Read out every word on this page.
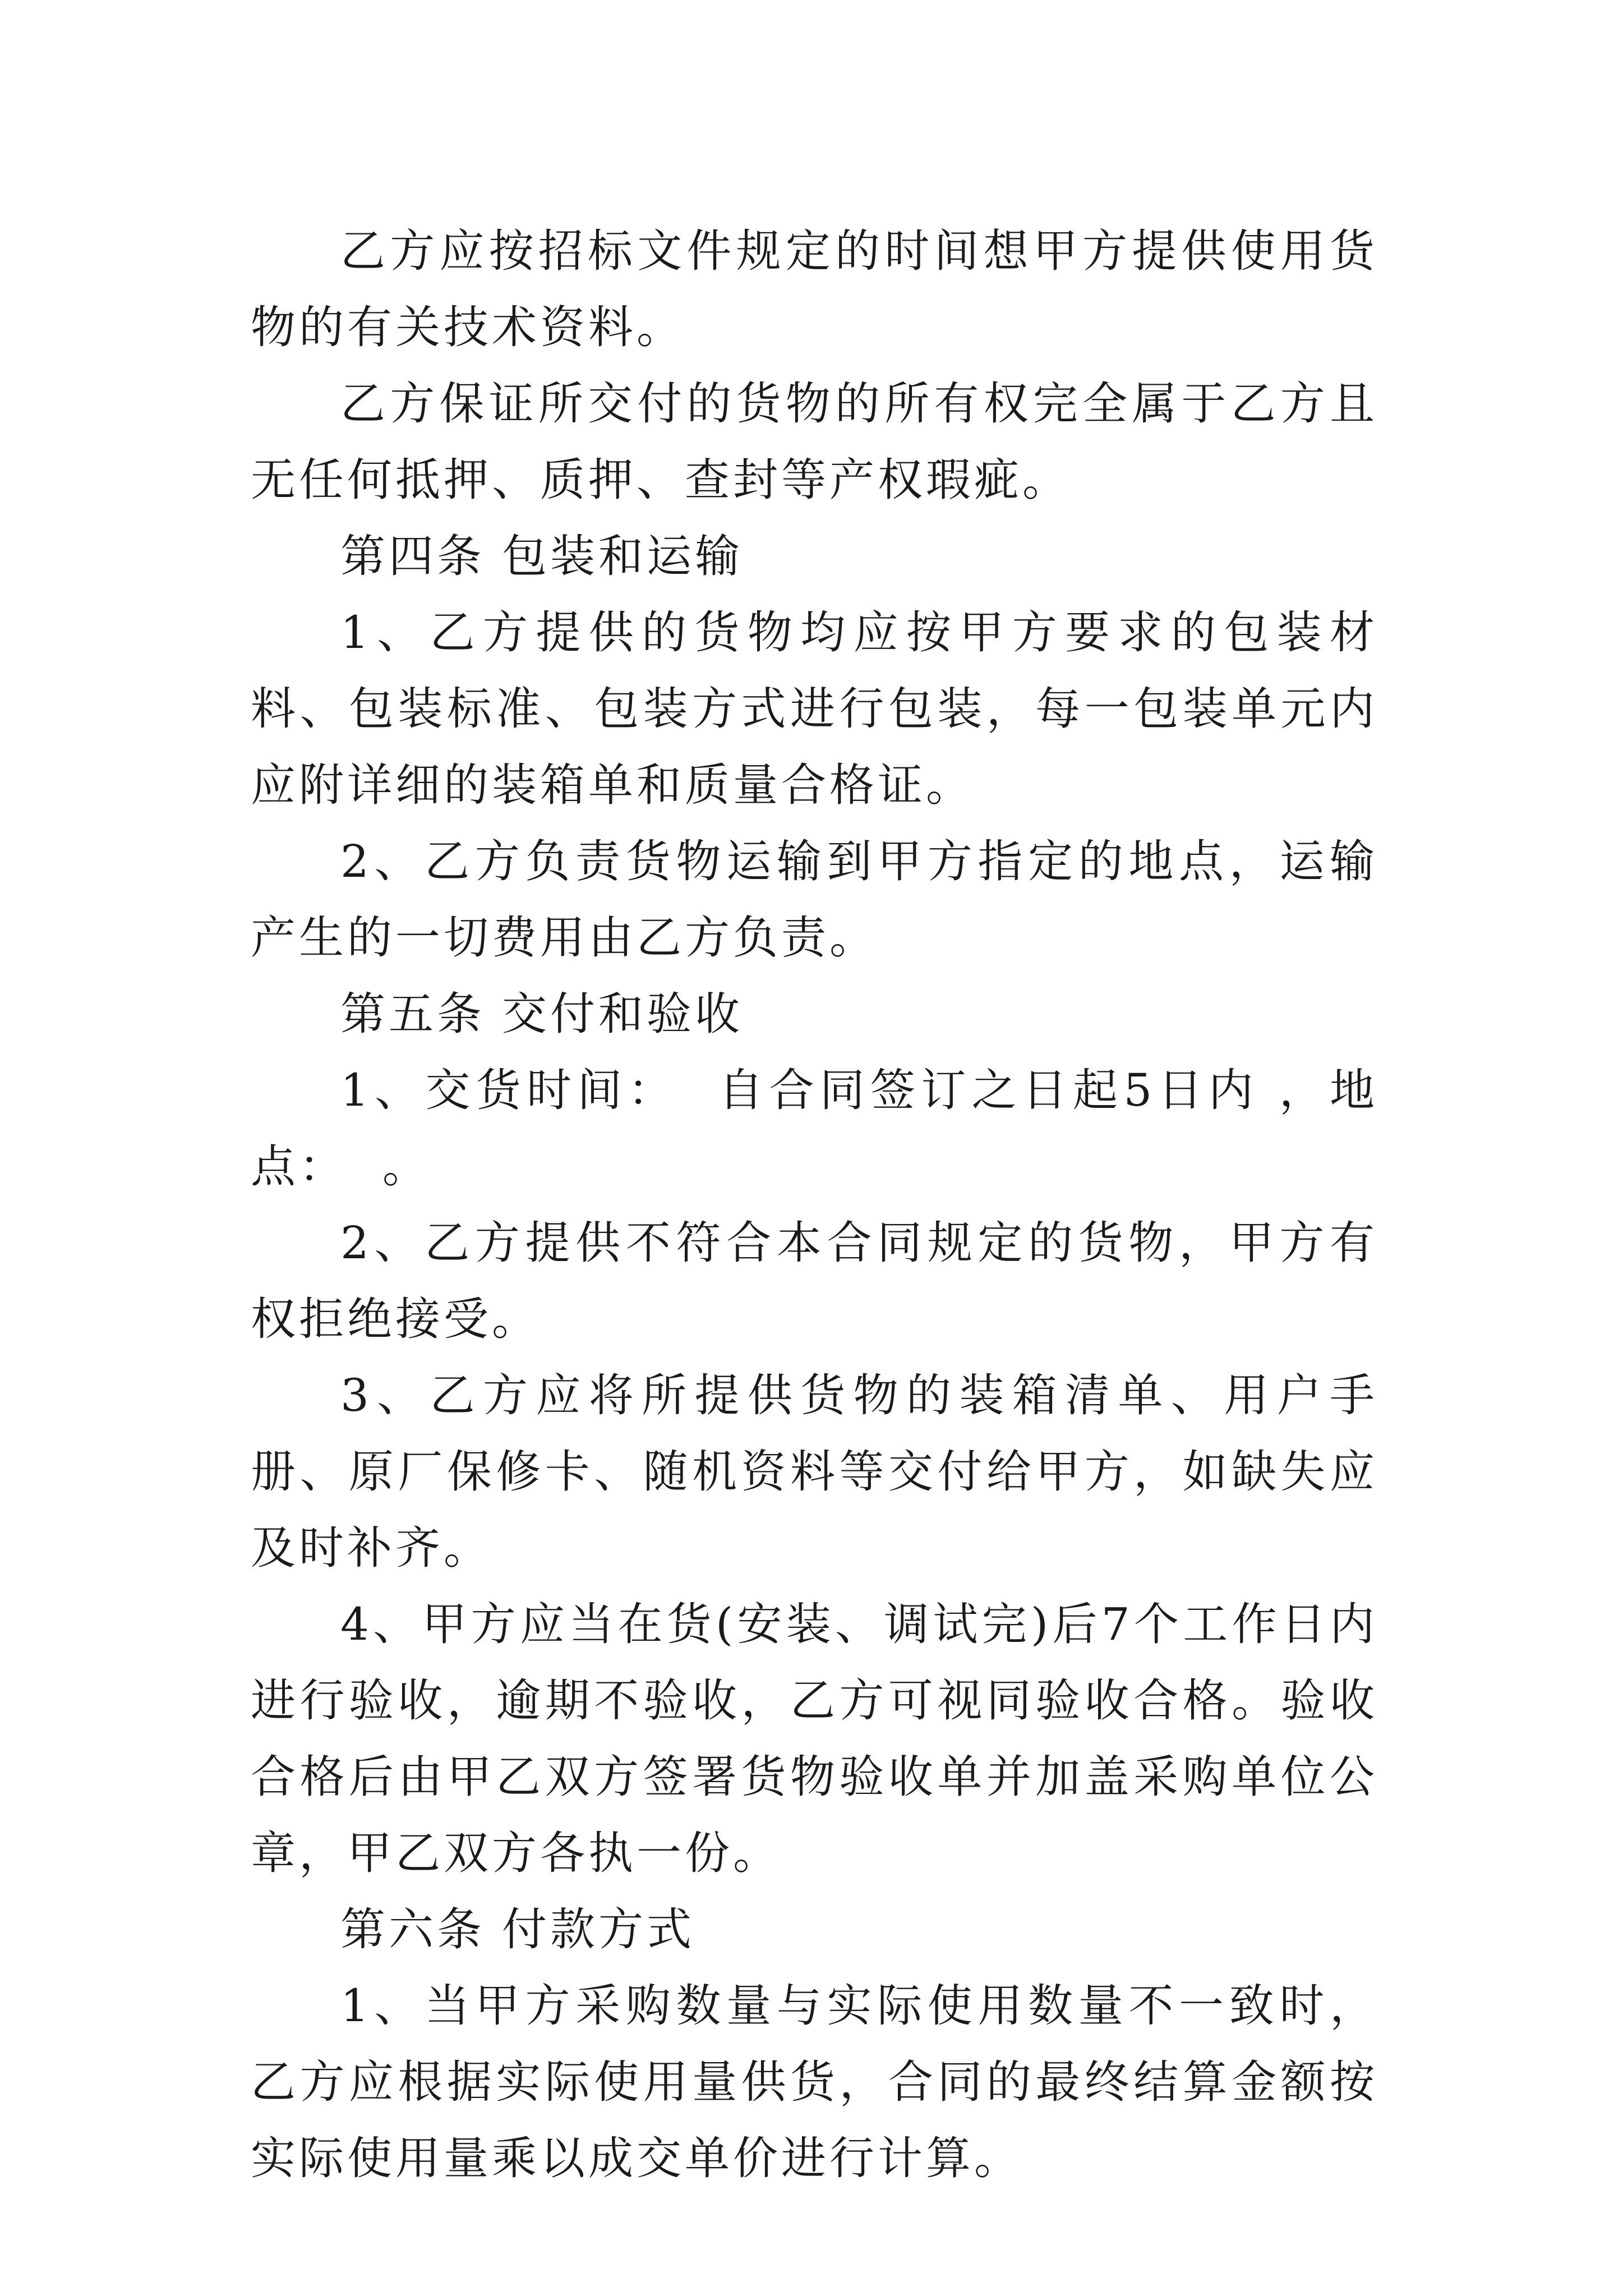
乙方应按招标文件规定的时间想甲方提供使用货物的有关技术资料。

乙方保证所交付的货物的所有权完全属于乙方且无任何抵押、质押、查封等产权瑕疵。

第四条 包装和运输

1、乙方提供的货物均应按甲方要求的包装材料、包装标准、包装方式进行包装，每一包装单元内应附详细的装箱单和质量合格证。

2、乙方负责货物运输到甲方指定的地点，运输产生的一切费用由乙方负责。

第五条 交付和验收

1、交货时间：  自合同签订之日起5日内 ，地点：  。

2、乙方提供不符合本合同规定的货物，甲方有权拒绝接受。

3、乙方应将所提供货物的装箱清单、用户手册、原厂保修卡、随机资料等交付给甲方，如缺失应及时补齐。

4、甲方应当在货(安装、调试完)后7个工作日内进行验收，逾期不验收，乙方可视同验收合格。验收合格后由甲乙双方签署货物验收单并加盖采购单位公章，甲乙双方各执一份。

第六条 付款方式

1、当甲方采购数量与实际使用数量不一致时，乙方应根据实际使用量供货，合同的最终结算金额按实际使用量乘以成交单价进行计算。
